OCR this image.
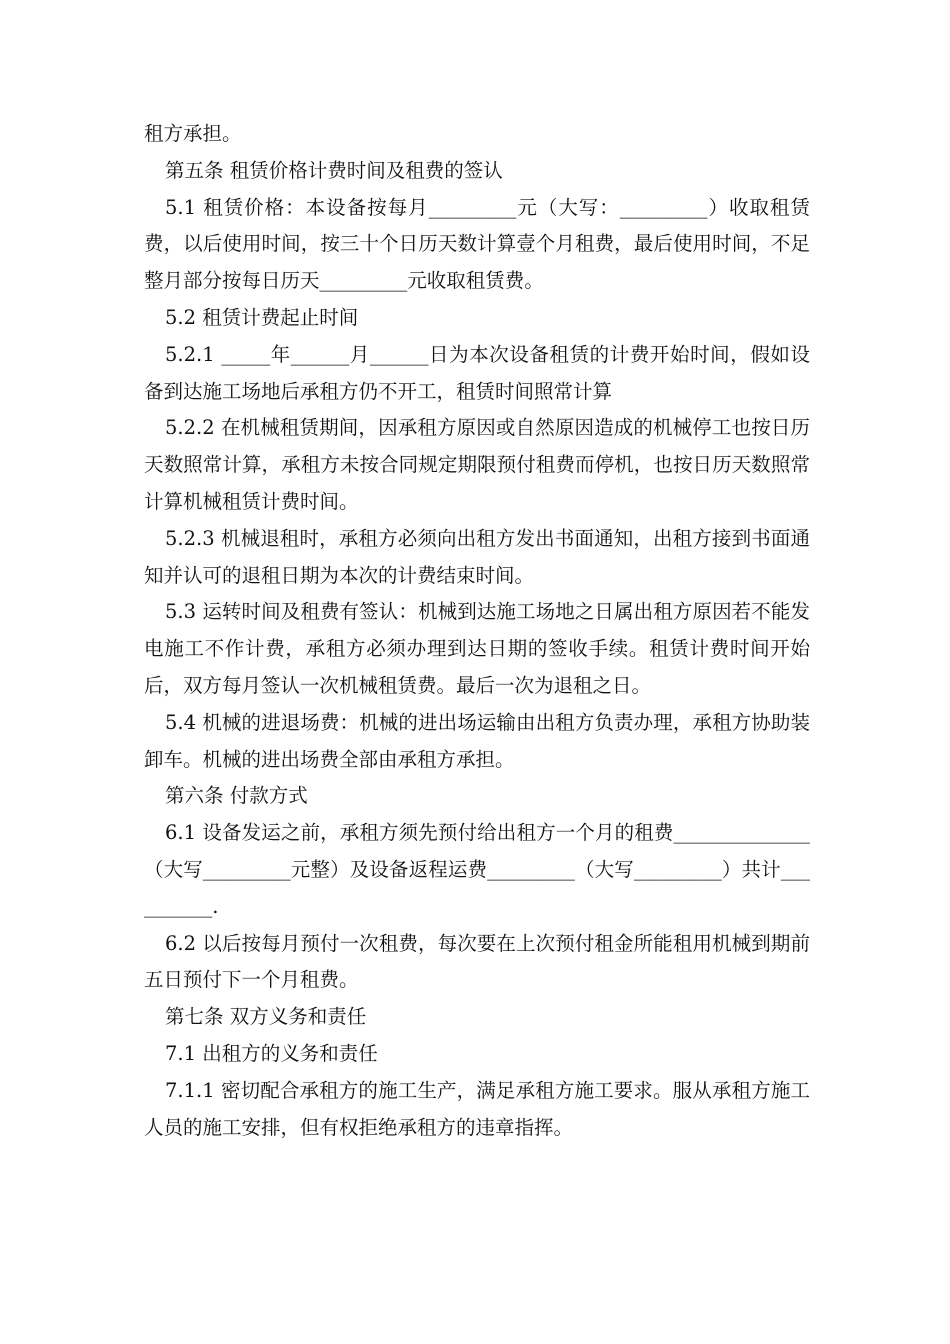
租方承担。

第五条 租赁价格计费时间及租费的签认

5.1 租赁价格：本设备按每月_________元（大写：_________）收取租赁费，以后使用时间，按三十个日历天数计算壹个月租费，最后使用时间，不足整月部分按每日历天_________元收取租赁费。

5.2 租赁计费起止时间

5.2.1 _____年______月______日为本次设备租赁的计费开始时间，假如设备到达施工场地后承租方仍不开工，租赁时间照常计算

5.2.2 在机械租赁期间，因承租方原因或自然原因造成的机械停工也按日历天数照常计算，承租方未按合同规定期限预付租费而停机，也按日历天数照常计算机械租赁计费时间。

5.2.3 机械退租时，承租方必须向出租方发出书面通知，出租方接到书面通知并认可的退租日期为本次的计费结束时间。

5.3 运转时间及租费有签认：机械到达施工场地之日属出租方原因若不能发电施工不作计费，承租方必须办理到达日期的签收手续。租赁计费时间开始后，双方每月签认一次机械租赁费。最后一次为退租之日。

5.4 机械的进退场费：机械的进出场运输由出租方负责办理，承租方协助装卸车。机械的进出场费全部由承租方承担。

第六条 付款方式

6.1 设备发运之前，承租方须先预付给出租方一个月的租费______________（大写_________元整）及设备返程运费_________（大写_________）共计__________.

6.2 以后按每月预付一次租费，每次要在上次预付租金所能租用机械到期前五日预付下一个月租费。

第七条 双方义务和责任

7.1 出租方的义务和责任

7.1.1 密切配合承租方的施工生产，满足承租方施工要求。服从承租方施工人员的施工安排，但有权拒绝承租方的违章指挥。
